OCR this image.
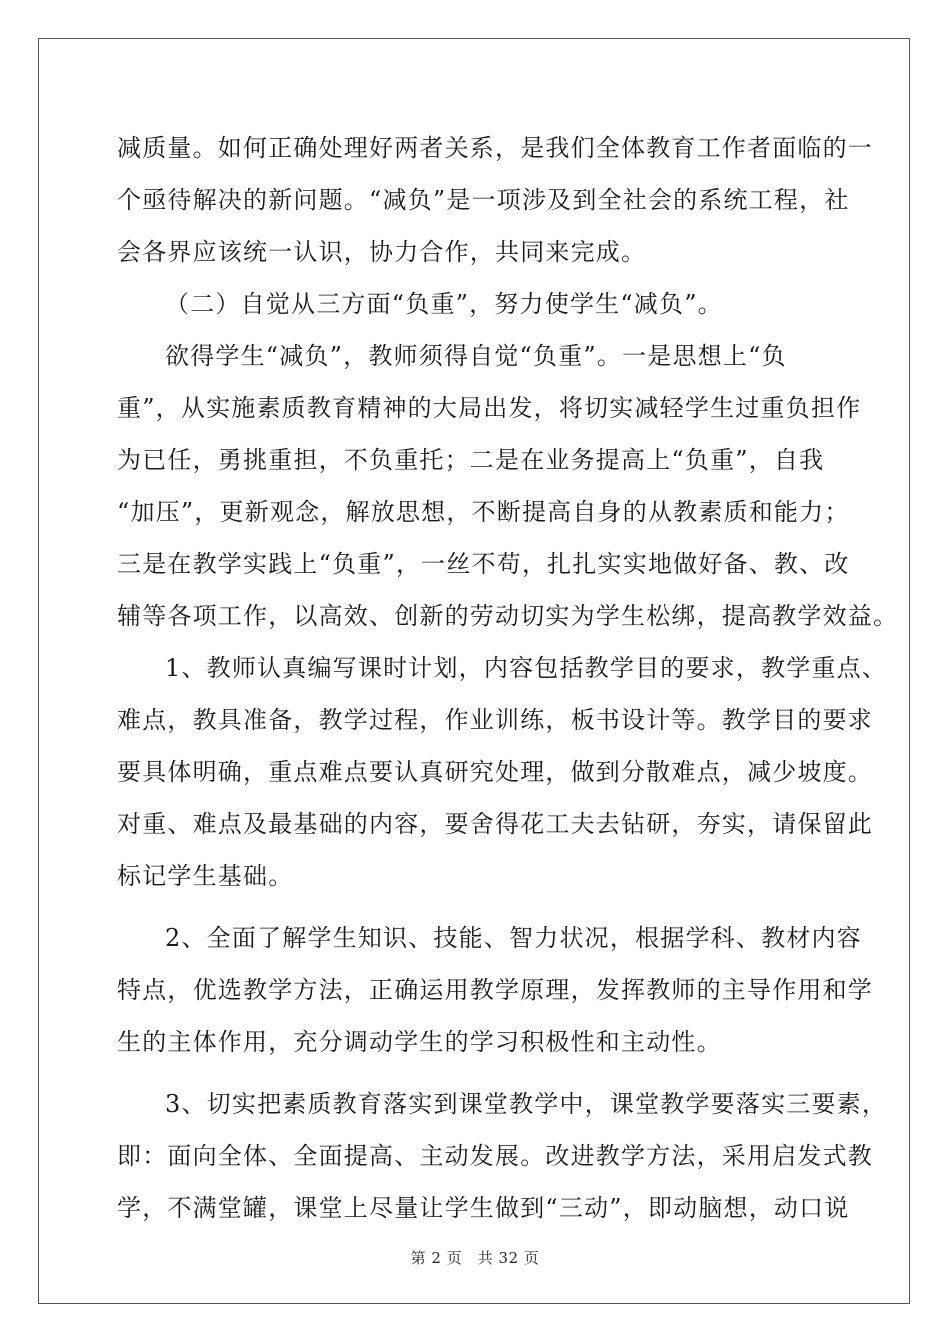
减质量。如何正确处理好两者关系，是我们全体教育工作者面临的一
个亟待解决的新问题。“减负”是一项涉及到全社会的系统工程，社
会各界应该统一认识，协力合作，共同来完成。
（二）自觉从三方面“负重”，努力使学生“减负”。
欲得学生“减负”，教师须得自觉“负重”。一是思想上“负
重”，从实施素质教育精神的大局出发，将切实减轻学生过重负担作
为已任，勇挑重担，不负重托；二是在业务提高上“负重”，自我
“加压”，更新观念，解放思想，不断提高自身的从教素质和能力；
三是在教学实践上“负重”，一丝不苟，扎扎实实地做好备、教、改
辅等各项工作，以高效、创新的劳动切实为学生松绑，提高教学效益。
1、教师认真编写课时计划，内容包括教学目的要求，教学重点、
难点，教具准备，教学过程，作业训练，板书设计等。教学目的要求
要具体明确，重点难点要认真研究处理，做到分散难点，减少坡度。
对重、难点及最基础的内容，要舍得花工夫去钻研，夯实，请保留此
标记学生基础。
2、全面了解学生知识、技能、智力状况，根据学科、教材内容
特点，优选教学方法，正确运用教学原理，发挥教师的主导作用和学
生的主体作用，充分调动学生的学习积极性和主动性。
3、切实把素质教育落实到课堂教学中，课堂教学要落实三要素，
即：面向全体、全面提高、主动发展。改进教学方法，采用启发式教
学，不满堂罐，课堂上尽量让学生做到“三动”，即动脑想，动口说
第 2 页　共 32 页
